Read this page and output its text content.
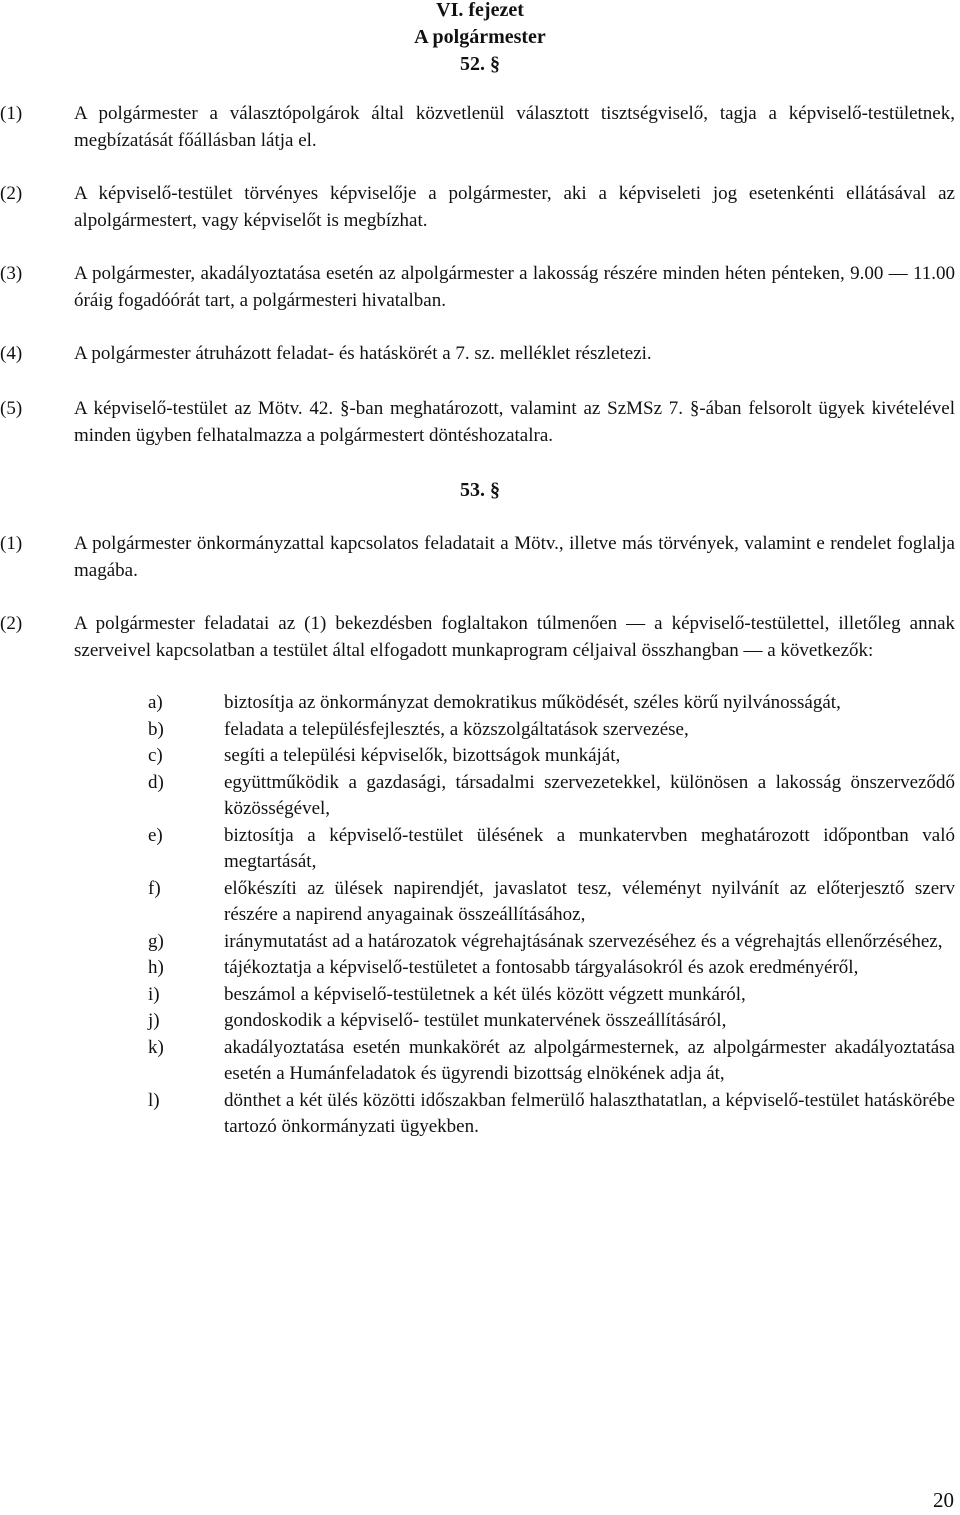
VI. fejezet
A polgármester
52. §
(1)	A polgármester a választópolgárok által közvetlenül választott tisztségviselő, tagja a képviselő-testületnek, megbízatását főállásban látja el.
(2)	A képviselő-testület törvényes képviselője a polgármester, aki a képviseleti jog esetenkénti ellátásával az alpolgármestert, vagy képviselőt is megbízhat.
(3)	A polgármester, akadályoztatása esetén az alpolgármester a lakosság részére minden héten pénteken, 9.00 — 11.00 óráig fogadóórát tart, a polgármesteri hivatalban.
(4)	A polgármester átruházott feladat- és hatáskörét a 7. sz. melléklet részletezi.
(5)	A képviselő-testület az Mötv. 42. §-ban meghatározott, valamint az SzMSz 7. §-ában felsorolt ügyek kivételével minden ügyben felhatalmazza a polgármestert döntéshozatalra.
53. §
(1)	A polgármester önkormányzattal kapcsolatos feladatait a Mötv., illetve más törvények, valamint e rendelet foglalja magába.
(2)	A polgármester feladatai az (1) bekezdésben foglaltakon túlmenően — a képviselő-testülettel, illetőleg annak szerveivel kapcsolatban a testület által elfogadott munkaprogram céljaival összhangban — a következők:
a)	biztosítja az önkormányzat demokratikus működését, széles körű nyilvánosságát,
b)	feladata a településfejlesztés, a közszolgáltatások szervezése,
c)	segíti a települési képviselők, bizottságok munkáját,
d)	együttműködik a gazdasági, társadalmi szervezetekkel, különösen a lakosság önszerveződő közösségével,
e)	biztosítja a képviselő-testület ülésének a munkatervben meghatározott időpontban való megtartását,
f)	előkészíti az ülések napirendjét, javaslatot tesz, véleményt nyilvánít az előterjesztő szerv részére a napirend anyagainak összeállításához,
g)	iránymutatást ad a határozatok végrehajtásának szervezéséhez és a végrehajtás ellenőrzéséhez,
h)	tájékoztatja a képviselő-testületet a fontosabb tárgyalásokról és azok eredményéről,
i)	beszámol a képviselő-testületnek a két ülés között végzett munkáról,
j)	gondoskodik a képviselő- testület munkatervének összeállításáról,
k)	akadályoztatása esetén munkakörét az alpolgármesternek, az alpolgármester akadályoztatása esetén a Humánfeladatok és ügyrendi bizottság elnökének adja át,
l)	dönthet a két ülés közötti időszakban felmerülő halaszthatatlan, a képviselő-testület hatáskörébe tartozó önkormányzati ügyekben.
20
